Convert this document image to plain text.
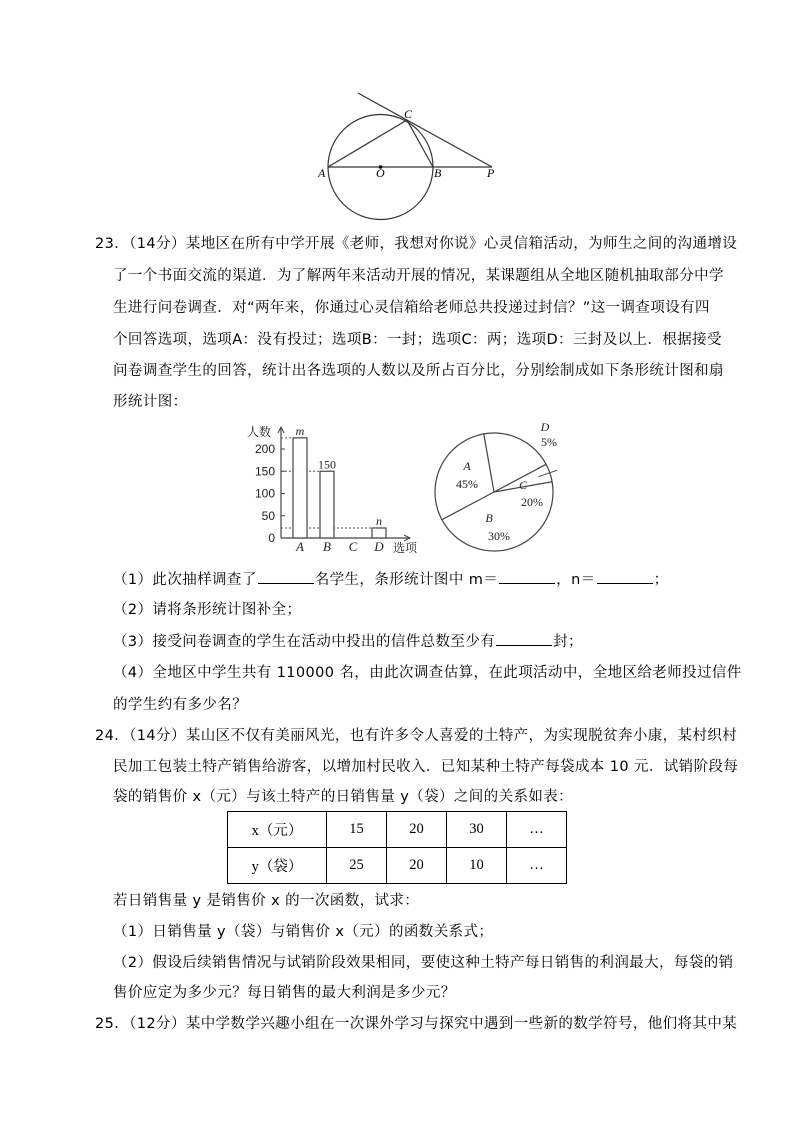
A	O	B	P
C
23．（14分）某地区在所有中学开展《老师，我想对你说》心灵信箱活动，为师生之间的沟通增设
了一个书面交流的渠道．为了解两年来活动开展的情况，某课题组从全地区随机抽取部分中学
生进行问卷调查．对“两年来，你通过心灵信箱给老师总共投递过封信？”这一调查项设有四
个回答选项，选项A：没有投过；选项B：一封；选项C：两；选项D：三封及以上．根据接受
问卷调查学生的回答，统计出各选项的人数以及所占百分比，分别绘制成如下条形统计图和扇
形统计图：
人数
选项
0
50
100
150
200
m
A
150
B C
n
D
A
45%
B
30%
C
20%
D
5%
（1）此次抽样调查了	名学生，条形统计图中 m＝	，n＝	；
（2）请将条形统计图补全；
（3）接受问卷调查的学生在活动中投出的信件总数至少有	封；
（4）全地区中学生共有 110000 名，由此次调查估算，在此项活动中，全地区给老师投过信件
的学生约有多少名？
24．（14分）某山区不仅有美丽风光，也有许多令人喜爱的土特产，为实现脱贫奔小康，某村织村
民加工包装土特产销售给游客，以增加村民收入．已知某种土特产每袋成本 10 元．试销阶段每
袋的销售价 x（元）与该土特产的日销售量 y（袋）之间的关系如表：
x（元）	15	20	30	…
y（袋）	25	20	10	…
若日销售量 y 是销售价 x 的一次函数，试求：
（1）日销售量 y（袋）与销售价 x（元）的函数关系式；
（2）假设后续销售情况与试销阶段效果相同，要使这种土特产每日销售的利润最大，每袋的销
售价应定为多少元？每日销售的最大利润是多少元？
25．（12分）某中学数学兴趣小组在一次课外学习与探究中遇到一些新的数学符号，他们将其中某
